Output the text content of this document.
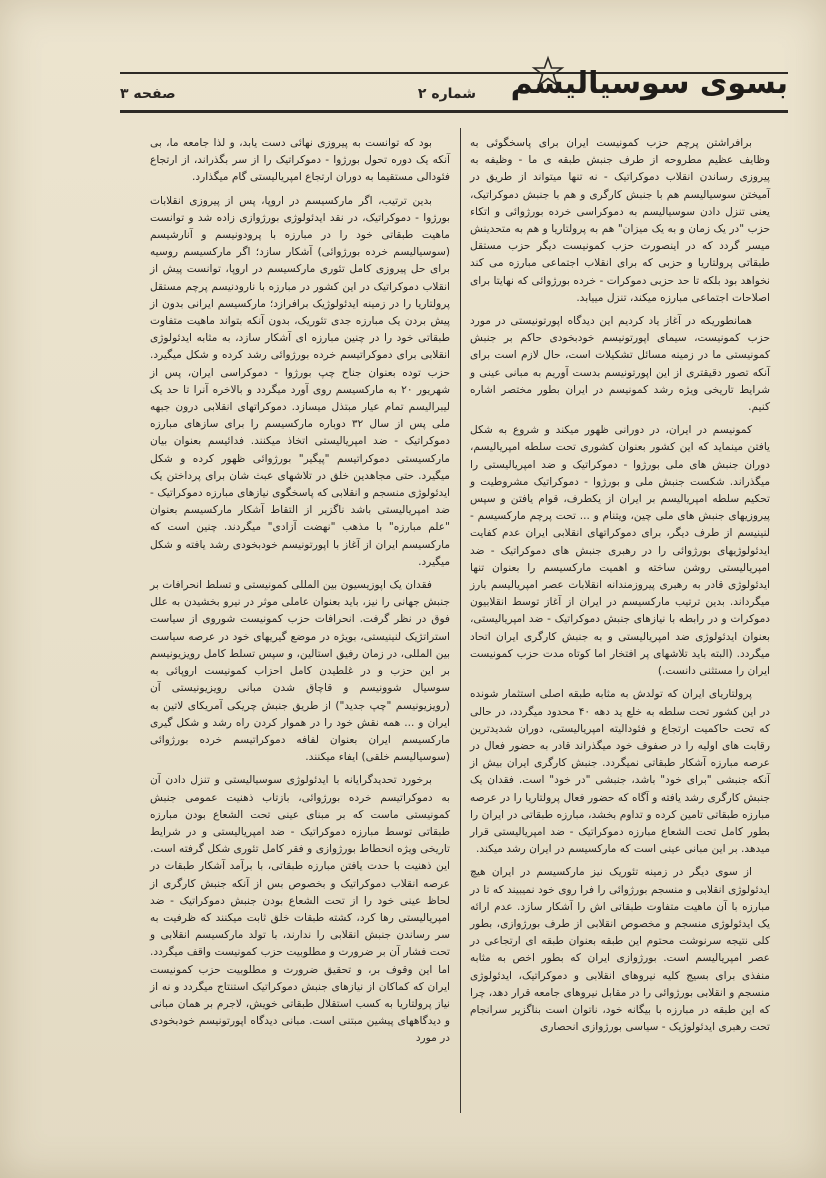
بسوی سوسیالیسم
شماره ۲
صفحه ۳

برافراشتن پرچم حزب کمونیست ایران برای پاسخگوئی به وظایف عظیم مطروحه از طرف جنبش طبقه ی ما - وظیفه به پیروزی رساندن انقلاب دموکراتیک - نه تنها میتواند از طریق در آمیختن سوسیالیسم هم با جنبش کارگری و هم با جنبش دموکراتیک، یعنی تنزل دادن سوسیالیسم به دموکراسی خرده بورژوائی و اتکاء حزب "در یک زمان و به یک میزان" هم به پرولتاریا و هم به متحدینش میسر گردد که در اینصورت حزب کمونیست دیگر حزب مستقل طبقاتی پرولتاریا و حزبی که برای انقلاب اجتماعی مبارزه می کند نخواهد بود بلکه تا حد حزبی دموکرات - خرده بورژوائی که نهایتا برای اصلاحات اجتماعی مبارزه میکند، تنزل مییابد.

همانطوریکه در آغاز یاد کردیم این دیدگاه اپورتونیستی در مورد حزب کمونیست، سیمای اپورتونیسم خودبخودی حاکم بر جنبش کمونیستی ما در زمینه مسائل تشکیلات است، حال لازم است برای آنکه تصور دقیقتری از این اپورتونیسم بدست آوریم به مبانی عینی و شرایط تاریخی ویژه رشد کمونیسم در ایران بطور مختصر اشاره کنیم.

کمونیسم در ایران، در دورانی ظهور میکند و شروع به شکل یافتن مینماید که این کشور بعنوان کشوری تحت سلطه امپریالیسم، دوران جنبش های ملی بورژوا - دموکراتیک و ضد امپریالیستی را میگذراند. شکست جنبش ملی و بورژوا - دموکراتیک مشروطیت و تحکیم سلطه امپریالیسم بر ایران از یکطرف، قوام یافتن و سپس پیروزیهای جنبش های ملی چین، ویتنام و ... تحت پرچم مارکسیسم - لنینیسم از طرف دیگر، برای دموکراتهای انقلابی ایران عدم کفایت ایدئولوژیهای بورژوائی را در رهبری جنبش های دموکراتیک - ضد امپریالیستی روشن ساخته و اهمیت مارکسیسم را بعنوان تنها ایدئولوژی قادر به رهبری پیروزمندانه انقلابات عصر امپریالیسم بارز میگرداند. بدین ترتیب مارکسیسم در ایران از آغاز توسط انقلابیون دموکرات و در رابطه با نیازهای جنبش دموکراتیک - ضد امپریالیستی، بعنوان ایدئولوژی ضد امپریالیستی و به جنبش کارگری ایران اتحاد میگردد. (البته باید تلاشهای پر افتخار اما کوتاه مدت حزب کمونیست ایران را مستثنی دانست.)

پرولتاریای ایران که تولدش به مثابه طبقه اصلی استثمار شونده در این کشور تحت سلطه به خلع ید دهه ۴۰ محدود میگردد، در حالی که تحت حاکمیت ارتجاع و فئودالیته امپریالیستی، دوران شدیدترین رقابت های اولیه را در صفوف خود میگذراند قادر به حضور فعال در عرصه مبارزه آشکار طبقاتی نمیگردد. جنبش کارگری ایران بیش از آنکه جنبشی "برای خود" باشد، جنبشی "در خود" است. فقدان یک جنبش کارگری رشد یافته و آگاه که حضور فعال پرولتاریا را در عرصه مبارزه طبقاتی تامین کرده و تداوم بخشد، مبارزه طبقاتی در ایران را بطور کامل تحت الشعاع مبارزه دموکراتیک - ضد امپریالیستی قرار میدهد. بر این مبانی عینی است که مارکسیسم در ایران رشد میکند.

از سوی دیگر در زمینه تئوریک نیز مارکسیسم در ایران هیچ ایدئولوژی انقلابی و منسجم بورژوائی را فرا روی خود نمیبیند که تا در مبارزه با آن ماهیت متفاوت طبقاتی اش را آشکار سازد. عدم ارائه یک ایدئولوژی منسجم و مخصوص انقلابی از طرف بورژوازی، بطور کلی نتیجه سرنوشت محتوم این طبقه بعنوان طبقه ای ارتجاعی در عصر امپریالیسم است. بورژوازی ایران که بطور اخص به مثابه منفذی برای بسیج کلیه نیروهای انقلابی و دموکراتیک، ایدئولوژی منسجم و انقلابی بورژوائی را در مقابل نیروهای جامعه قرار دهد، چرا که این طبقه در مبارزه با بیگانه خود، ناتوان است بناگزیر سرانجام تحت رهبری ایدئولوژیک - سیاسی بورژوازی انحصاری

بود که توانست به پیروزی نهائی دست یابد، و لذا جامعه ما، بی آنکه یک دوره تحول بورژوا - دموکراتیک را از سر بگذراند، از ارتجاع فئودالی مستقیما به دوران ارتجاع امپریالیستی گام میگذارد.

بدین ترتیب، اگر مارکسیسم در اروپا، پس از پیروزی انقلابات بورژوا - دموکراتیک، در نقد ایدئولوژی بورژوازی زاده شد و توانست ماهیت طبقاتی خود را در مبارزه با پرودونیسم و آنارشیسم (سوسیالیسم خرده بورژوائی) آشکار سازد؛ اگر مارکسیسم روسیه برای حل پیروزی کامل تئوری مارکسیسم در اروپا، توانست پیش از انقلاب دموکراتیک در این کشور در مبارزه با نارودنیسم پرچم مستقل پرولتاریا را در زمینه ایدئولوژیک برافرازد؛ مارکسیسم ایرانی بدون از پیش بردن یک مبارزه جدی تئوریک، بدون آنکه بتواند ماهیت متفاوت طبقاتی خود را در چنین مبارزه ای آشکار سازد، به مثابه ایدئولوژی انقلابی برای دموکراتیسم خرده بورژوائی رشد کرده و شکل میگیرد. حزب توده بعنوان جناح چپ بورژوا - دموکراسی ایران، پس از شهریور ۲۰ به مارکسیسم روی آورد میگردد و بالاخره آنرا تا حد یک لیبرالیسم تمام عیار مبتذل میسازد. دموکراتهای انقلابی درون جبهه ملی پس از سال ۳۲ دوباره مارکسیسم را برای سازهای مبارزه دموکراتیک - ضد امپریالیستی اتخاذ میکنند. فدائیسم بعنوان بیان مارکسیستی دموکراتیسم "پیگیر" بورژوائی ظهور کرده و شکل میگیرد. حتی مجاهدین خلق در تلاشهای عبث شان برای پرداختن یک ایدئولوژی منسجم و انقلابی که پاسخگوی نیازهای مبارزه دموکراتیک - ضد امپریالیستی باشد ناگزیر از التقاط آشکار مارکسیسم بعنوان "علم مبارزه" با مذهب "نهضت آزادی" میگردند. چنین است که مارکسیسم ایران از آغاز با اپورتونیسم خودبخودی رشد یافته و شکل میگیرد.

فقدان یک اپوزیسیون بین المللی کمونیستی و تسلط انحرافات بر جنبش جهانی را نیز، باید بعنوان عاملی موثر در نیرو بخشیدن به علل فوق در نظر گرفت. انحرافات حزب کمونیست شوروی از سیاست استراتژیک لنینیستی، بویژه در موضع گیریهای خود در عرصه سیاست بین المللی، در زمان رفیق استالین، و سپس تسلط کامل رویزیونیسم بر این حزب و در غلطیدن کامل احزاب کمونیست اروپائی به سوسیال شوونیسم و قاچاق شدن مبانی رویزیونیستی آن (رویزیونیسم "چپ جدید") از طریق جنبش چریکی آمریکای لاتین به ایران و ... همه نقش خود را در هموار کردن راه رشد و شکل گیری مارکسیسم ایران بعنوان لفافه دموکراتیسم خرده بورژوائی (سوسیالیسم خلقی) ایفاء میکنند.

برخورد تحدیدگرایانه با ایدئولوژی سوسیالیستی و تنزل دادن آن به دموکراتیسم خرده بورژوائی، بازتاب ذهنیت عمومی جنبش کمونیستی ماست که بر مبنای عینی تحت الشعاع بودن مبارزه طبقاتی توسط مبارزه دموکراتیک - ضد امپریالیستی و در شرایط تاریخی ویژه انحطاط بورژوازی و فقر کامل تئوری شکل گرفته است. این ذهنیت با حدت یافتن مبارزه طبقاتی، با برآمد آشکار طبقات در عرصه انقلاب دموکراتیک و بخصوص بس از آنکه جنبش کارگری از لحاظ عینی خود را از تحت الشعاع بودن جنبش دموکراتیک - ضد امپریالیستی رها کرد، کشته طبقات خلق ثابت میکنند که ظرفیت به سر رساندن جنبش انقلابی را ندارند، با تولد مارکسیسم انقلابی و تحت فشار آن بر ضرورت و مطلوبیت حزب کمونیست واقف میگردد. اما این وقوف بر، و تحقیق ضرورت و مطلوبیت حزب کمونیست ایران که کماکان از نیازهای جنبش دموکراتیک استنتاج میگردد و نه از نیاز پرولتاریا به کسب استقلال طبقاتی خویش، لاجرم بر همان مبانی و دیدگاههای پیشین مبتنی است. مبانی دیدگاه اپورتونیسم خودبخودی در مورد
